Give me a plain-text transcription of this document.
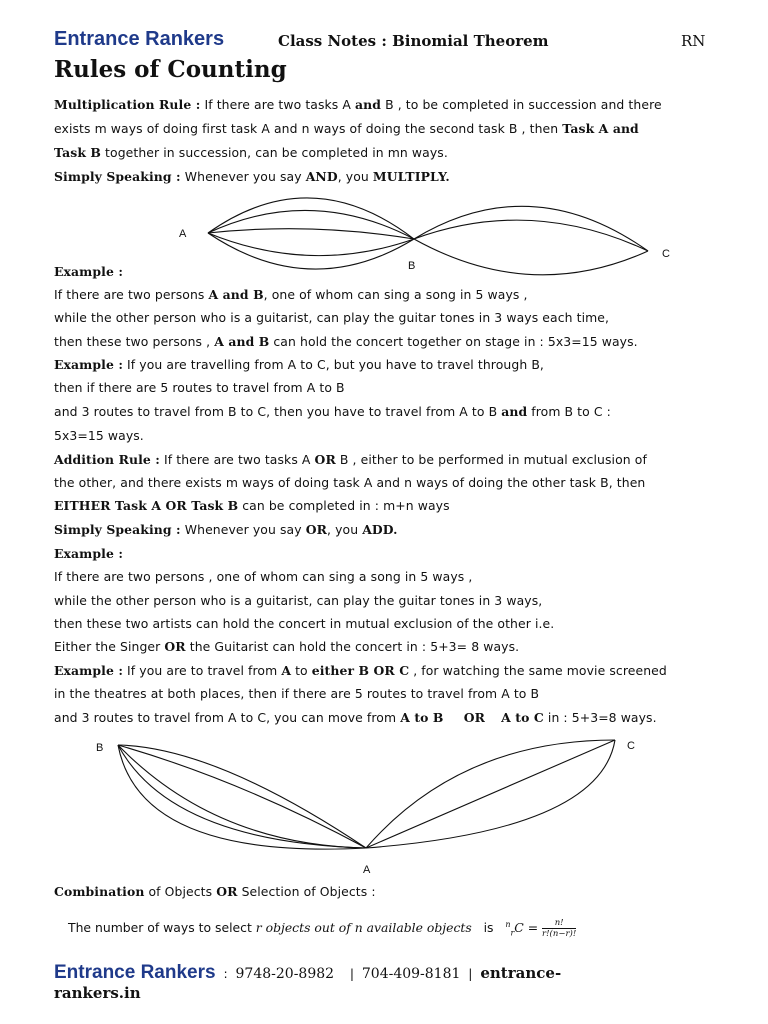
Entrance Rankers	Class Notes : Binomial Theorem	RN
Rules of Counting
Multiplication Rule : If there are two tasks A and B , to be completed in succession and there
exists m ways of doing first task A and n ways of doing the second task B , then Task A and
Task B together in succession, can be completed in mn ways.
Simply Speaking : Whenever you say AND, you MULTIPLY.
A
B
C
Example :
If there are two persons A and B, one of whom can sing a song in 5 ways ,
while the other person who is a guitarist, can play the guitar tones in 3 ways each time,
then these two persons , A and B can hold the concert together on stage in : 5x3=15 ways.
Example : If you are travelling from A to C, but you have to travel through B,
then if there are 5 routes to travel from A to B
and 3 routes to travel from B to C, then you have to travel from A to B and from B to C :
5x3=15 ways.
Addition Rule : If there are two tasks A OR B , either to be performed in mutual exclusion of
the other, and there exists m ways of doing task A and n ways of doing the other task B, then
EITHER Task A OR Task B can be completed in : m+n ways
Simply Speaking : Whenever you say OR, you ADD.
Example :
If there are two persons , one of whom can sing a song in 5 ways ,
while the other person who is a guitarist, can play the guitar tones in 3 ways,
then these two artists can hold the concert in mutual exclusion of the other i.e.
Either the Singer OR the Guitarist can hold the concert in : 5+3= 8 ways.
Example : If you are to travel from A to either B OR C , for watching the same movie screened
in the theatres at both places, then if there are 5 routes to travel from A to B
and 3 routes to travel from A to C, you can move from A to B OR A to C in : 5+3=8 ways.
B	C
A
Combination of Objects OR Selection of Objects :
The number of ways to select r objects out of n available objects   is   $^n_rC = \frac{n!}{r!(n-r)!}$
Entrance Rankers  :  9748-20-8982    |  704-409-8181  |  entrance-
rankers.in
